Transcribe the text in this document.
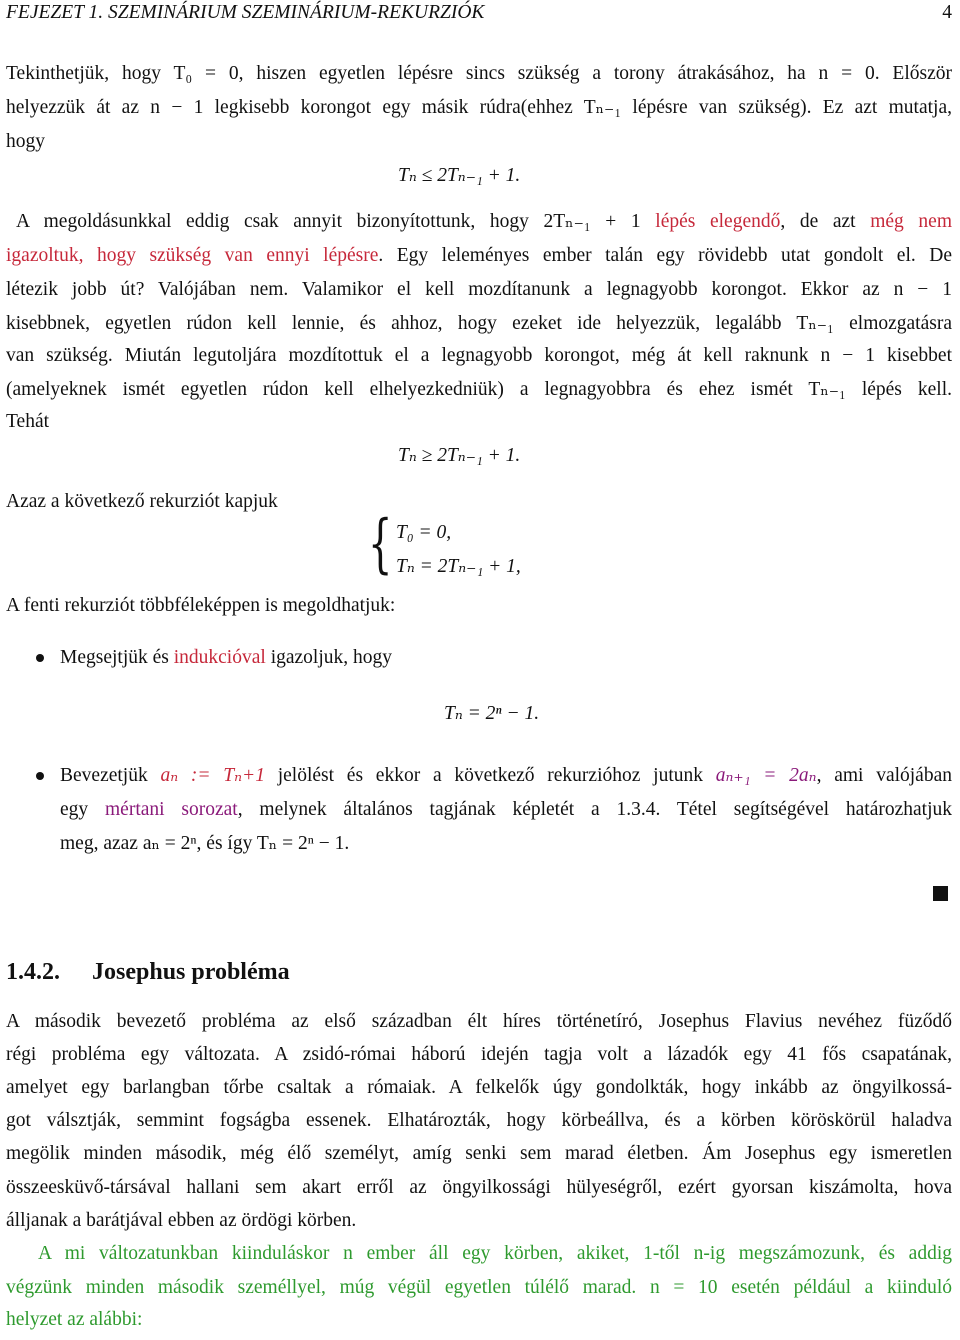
FEJEZET 1. SZEMINÁRIUM SZEMINÁRIUM-REKURZIÓK	4
Tekinthetjük, hogy T₀ = 0, hiszen egyetlen lépésre sincs szükség a torony átrakásához, ha n = 0. Először
helyezzük át az n − 1 legkisebb korongot egy másik rúdra(ehhez Tₙ₋₁ lépésre van szükség). Ez azt mutatja,
hogy
Tₙ ≤ 2Tₙ₋₁ + 1.
A megoldásunkkal eddig csak annyit bizonyítottunk, hogy 2Tₙ₋₁ + 1 lépés elegendő, de azt még nem
igazoltuk, hogy szükség van ennyi lépésre. Egy leleményes ember talán egy rövidebb utat gondolt el. De
létezik jobb út? Valójában nem. Valamikor el kell mozdítanunk a legnagyobb korongot. Ekkor az n − 1
kisebbnek, egyetlen rúdon kell lennie, és ahhoz, hogy ezeket ide helyezzük, legalább Tₙ₋₁ elmozgatásra
van szükség. Miután legutoljára mozdítottuk el a legnagyobb korongot, még át kell raknunk n − 1 kisebbet
(amelyeknek ismét egyetlen rúdon kell elhelyezkedniük) a legnagyobbra és ehez ismét Tₙ₋₁ lépés kell.
Tehát
Tₙ ≥ 2Tₙ₋₁ + 1.
Azaz a következő rekurziót kapjuk
{ T₀ = 0,
Tₙ = 2Tₙ₋₁ + 1,
A fenti rekurziót többféleképpen is megoldhatjuk:
Megsejtjük és indukcióval igazoljuk, hogy
Tₙ = 2ⁿ − 1.
Bevezetjük aₙ := Tₙ+1 jelölést és ekkor a következő rekurzióhoz jutunk aₙ₊₁ = 2aₙ, ami valójában
egy mértani sorozat, melynek általános tagjának képletét a 1.3.4. Tétel segítségével határozhatjuk
meg, azaz aₙ = 2ⁿ, és így Tₙ = 2ⁿ − 1.
1.4.2. Josephus probléma
A második bevezető probléma az első században élt híres történetíró, Josephus Flavius nevéhez füződő
régi probléma egy változata. A zsidó-római háború idején tagja volt a lázadók egy 41 fős csapatának,
amelyet egy barlangban tőrbe csaltak a rómaiak. A felkelők úgy gondolkták, hogy inkább az öngyilkossá-
got válsztják, semmint fogságba essenek. Elhatározták, hogy körbeállva, és a körben köröskörül haladva
megölik minden második, még élő személyt, amíg senki sem marad életben. Ám Josephus egy ismeretlen
összeesküvő-társával hallani sem akart erről az öngyilkossági hülyeségről, ezért gyorsan kiszámolta, hova
álljanak a barátjával ebben az ördögi körben.
A mi változatunkban kiinduláskor n ember áll egy körben, akiket, 1-től n-ig megszámozunk, és addig
végzünk minden második személlyel, múg végül egyetlen túlélő marad. n = 10 esetén például a kiinduló
helyzet az alábbi:
